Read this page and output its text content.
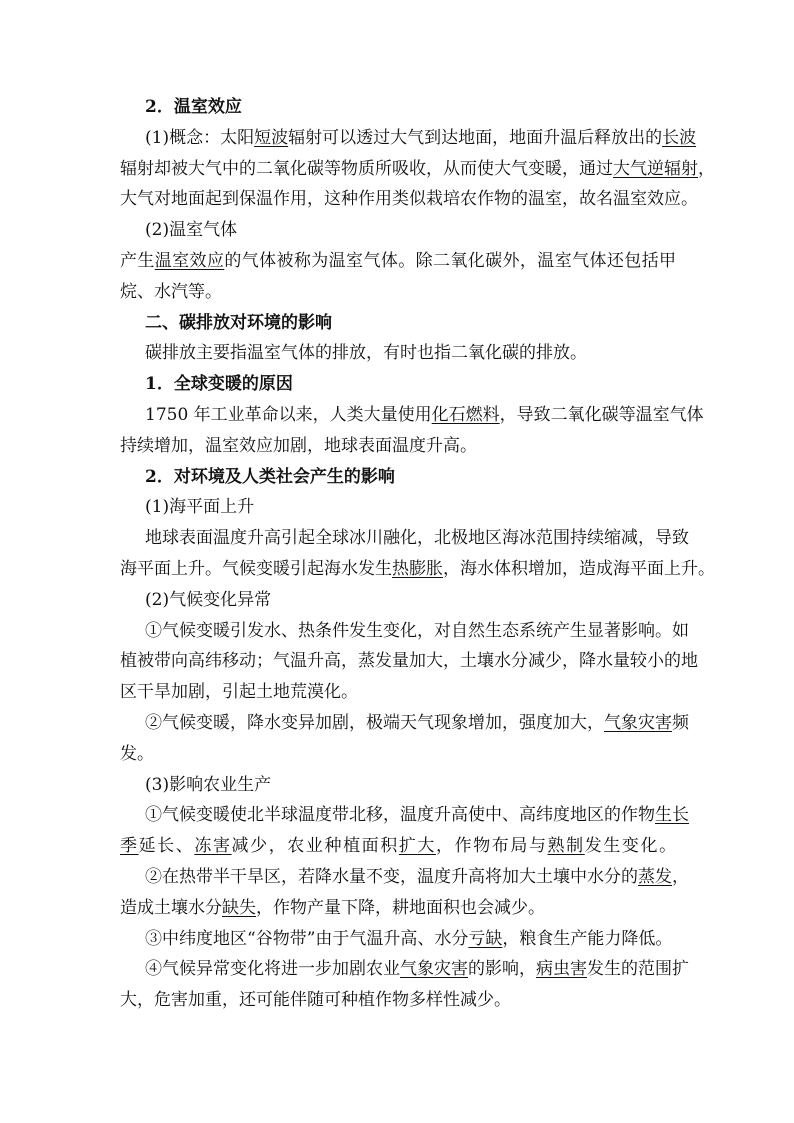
2．温室效应
(1)概念：太阳短波辐射可以透过大气到达地面，地面升温后释放出的长波
辐射却被大气中的二氧化碳等物质所吸收，从而使大气变暖，通过大气逆辐射，
大气对地面起到保温作用，这种作用类似栽培农作物的温室，故名温室效应。
(2)温室气体
产生温室效应的气体被称为温室气体。除二氧化碳外，温室气体还包括甲
烷、水汽等。
二、碳排放对环境的影响
碳排放主要指温室气体的排放，有时也指二氧化碳的排放。
1．全球变暖的原因
1750 年工业革命以来，人类大量使用化石燃料，导致二氧化碳等温室气体
持续增加，温室效应加剧，地球表面温度升高。
2．对环境及人类社会产生的影响
(1)海平面上升
地球表面温度升高引起全球冰川融化，北极地区海冰范围持续缩减，导致
海平面上升。气候变暖引起海水发生热膨胀，海水体积增加，造成海平面上升。
(2)气候变化异常
①气候变暖引发水、热条件发生变化，对自然生态系统产生显著影响。如
植被带向高纬移动；气温升高，蒸发量加大，土壤水分减少，降水量较小的地
区干旱加剧，引起土地荒漠化。
②气候变暖，降水变异加剧，极端天气现象增加，强度加大，气象灾害频
发。
(3)影响农业生产
①气候变暖使北半球温度带北移，温度升高使中、高纬度地区的作物生长
季延长、冻害减少，农业种植面积扩大，作物布局与熟制发生变化。
②在热带半干旱区，若降水量不变，温度升高将加大土壤中水分的蒸发，
造成土壤水分缺失，作物产量下降，耕地面积也会减少。
③中纬度地区“谷物带”由于气温升高、水分亏缺，粮食生产能力降低。
④气候异常变化将进一步加剧农业气象灾害的影响，病虫害发生的范围扩
大，危害加重，还可能伴随可种植作物多样性减少。
